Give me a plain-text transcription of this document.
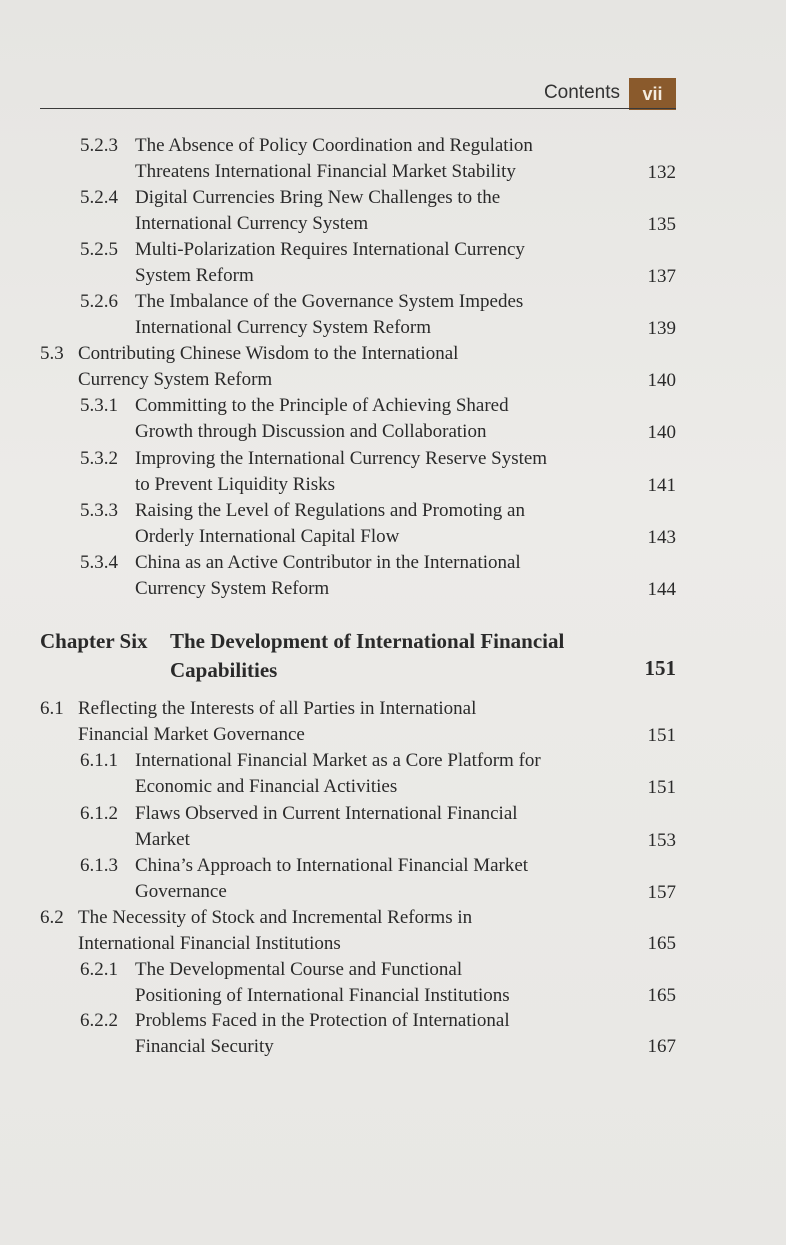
Contents	vii
5.2.3 The Absence of Policy Coordination and Regulation
Threatens International Financial Market Stability	132
5.2.4 Digital Currencies Bring New Challenges to the
International Currency System	135
5.2.5 Multi-Polarization Requires International Currency
System Reform	137
5.2.6 The Imbalance of the Governance System Impedes
International Currency System Reform	139
5.3 Contributing Chinese Wisdom to the International
Currency System Reform	140
5.3.1 Committing to the Principle of Achieving Shared
Growth through Discussion and Collaboration	140
5.3.2 Improving the International Currency Reserve System
to Prevent Liquidity Risks	141
5.3.3 Raising the Level of Regulations and Promoting an
Orderly International Capital Flow	143
5.3.4 China as an Active Contributor in the International
Currency System Reform	144
Chapter Six The Development of International Financial
Capabilities	151
6.1 Reflecting the Interests of all Parties in International
Financial Market Governance	151
6.1.1 International Financial Market as a Core Platform for
Economic and Financial Activities	151
6.1.2 Flaws Observed in Current International Financial
Market	153
6.1.3 China’s Approach to International Financial Market
Governance	157
6.2 The Necessity of Stock and Incremental Reforms in
International Financial Institutions	165
6.2.1 The Developmental Course and Functional
Positioning of International Financial Institutions	165
6.2.2 Problems Faced in the Protection of International
Financial Security	167
